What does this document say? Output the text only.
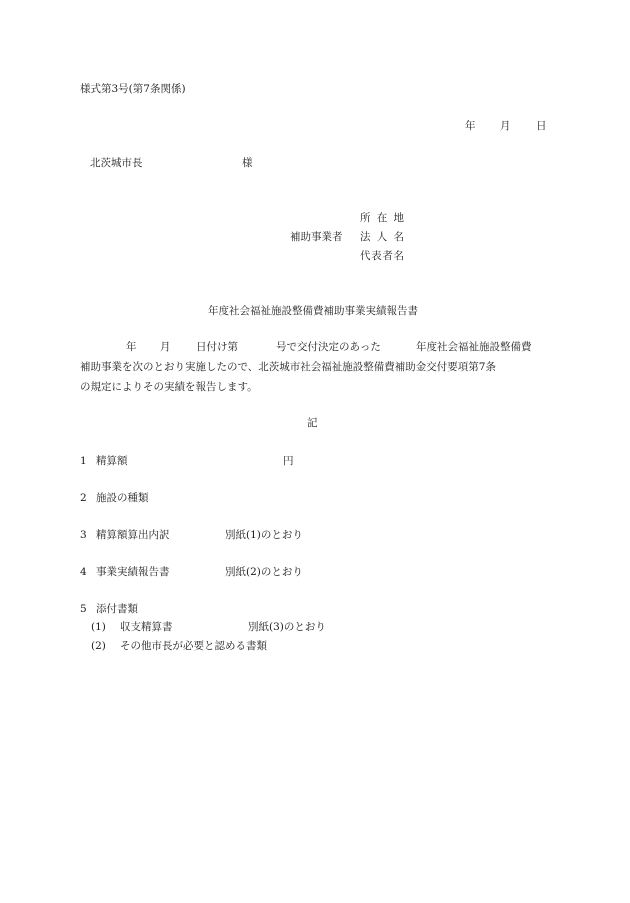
様式第3号(第7条関係)
年 月 日
北茨城市長	様
所 在 地
補助事業者 法 人 名
代表者名
年度社会福祉施設整備費補助事業実績報告書
年 月 日付け第	号で交付決定のあった	年度社会福祉施設整備費
補助事業を次のとおり実施したので、北茨城市社会福祉施設整備費補助金交付要項第7条
の規定によりその実績を報告します。
記
1 精算額	円
2 施設の種類
3 精算額算出内訳	別紙(1)のとおり
4 事業実績報告書	別紙(2)のとおり
5 添付書類
(1) 収支精算書	別紙(3)のとおり
(2) その他市長が必要と認める書類
